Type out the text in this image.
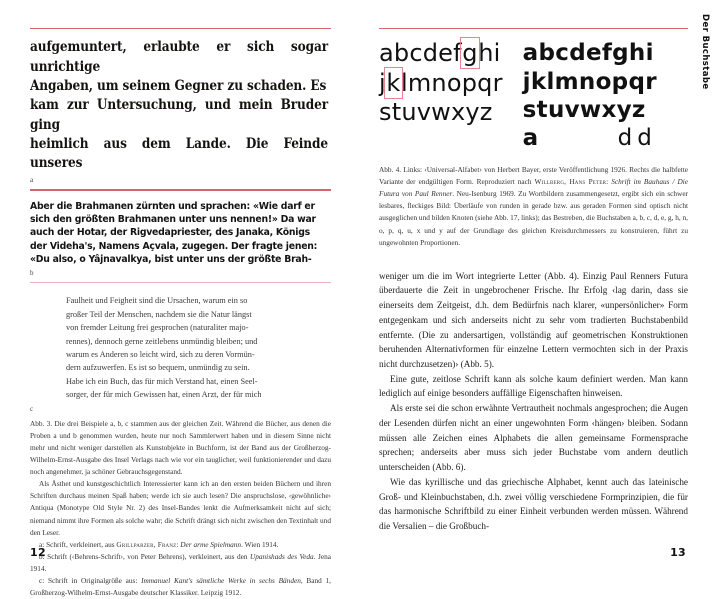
aufgemuntert, erlaubte er sich sogar unrichtige
Angaben, um seinem Gegner zu schaden. Es
kam zur Untersuchung, und mein Bruder ging
heimlich aus dem Lande. Die Feinde unseres
a
Aber die Brahmanen zürnten und sprachen: «Wie darf er
sich den größten Brahmanen unter uns nennen!» Da war
auch der Hotar, der Rigvedapriester, des Janaka, Königs
der Videha's, Namens Açvala, zugegen. Der fragte jenen:
«Du also, o Yâjnavalkya, bist unter uns der größte Brah-
b
Faulheit und Feigheit sind die Ursachen, warum ein so
großer Teil der Menschen, nachdem sie die Natur längst
von fremder Leitung frei gesprochen (naturaliter majo-
rennes), dennoch gerne zeitlebens unmündig bleiben; und
warum es Anderen so leicht wird, sich zu deren Vormün-
dern aufzuwerfen. Es ist so bequem, unmündig zu sein.
Habe ich ein Buch, das für mich Verstand hat, einen Seel-
sorger, der für mich Gewissen hat, einen Arzt, der für mich
c

Abb. 3. Die drei Beispiele a, b, c stammen aus der gleichen Zeit. Während die Bücher, aus denen die Proben a und b genommen wurden, heute nur noch Sammlerwert haben und in diesem Sinne nicht mehr und nicht weniger darstellen als Kunstobjekte in Buchform, ist der Band aus der Großherzog-Wilhelm-Ernst-Ausgabe des Insel Verlags nach wie vor ein tauglicher, weil funktionierender und dazu noch angenehmer, ja schöner Gebrauchsgegenstand.

Als Ästhet und kunstgeschichtlich Interessierter kann ich an den ersten beiden Büchern und ihren Schriften durchaus meinen Spaß haben; werde ich sie auch lesen? Die anspruchslose, ‹gewöhnliche› Antiqua (Monotype Old Style Nr. 2) des Insel-Bandes lenkt die Aufmerksamkeit nicht auf sich; niemand nimmt ihre Formen als solche wahr; die Schrift drängt sich nicht zwischen den Textinhalt und den Leser.

a: Schrift, verkleinert, aus Grillparzer, Franz: Der arme Spielmann. Wien 1914.

b: Schrift (‹Behrens-Schrift›, von Peter Behrens), verkleinert, aus den Upanishads des Veda. Jena 1914.

c: Schrift in Originalgröße aus: Immanuel Kant's sämtliche Werke in sechs Bänden, Band 1, Großherzog-Wilhelm-Ernst-Ausgabe deutscher Klassiker. Leipzig 1912.

12
abcdefghi
jklmnopqr
stuvwxyz
abcdefghi
jklmnopqr
stuvwxyz
a	dd

Abb. 4. Links: ‹Universal-Alfabet› von Herbert Bayer, erste Veröffentlichung 1926. Rechts die halbfette Variante der endgültigen Form. Reproduziert nach Willberg, Hans Peter: Schrift im Bauhaus / Die Futura von Paul Renner. Neu-Isenburg 1969. Zu Wortbildern zusammengesetzt, ergibt sich ein schwer lesbares, fleckiges Bild: Überläufe von runden in gerade bzw. aus geraden Formen sind optisch nicht ausgeglichen und bilden Knoten (siehe Abb. 17, links); das Bestreben, die Buchstaben a, b, c, d, e, g, h, n, o, p, q, u, x und y auf der Grundlage des gleichen Kreisdurchmessers zu konstruieren, führt zu ungewohnten Proportionen.

weniger um die im Wort integrierte Letter (Abb. 4). Einzig Paul Renners Futura überdauerte die Zeit in ungebrochener Frische. Ihr Erfolg ‹lag darin, dass sie einerseits dem Zeitgeist, d.h. dem Bedürfnis nach klarer, «unpersönlicher» Form entgegenkam und sich anderseits nicht zu sehr vom tradierten Buchstabenbild entfernte. (Die zu andersartigen, vollständig auf geometrischen Konstruktionen beruhenden Alternativformen für einzelne Lettern vermochten sich in der Praxis nicht durchzusetzen)› (Abb. 5).

Eine gute, zeitlose Schrift kann als solche kaum definiert werden. Man kann lediglich auf einige besonders auffällige Eigenschaften hinweisen.

Als erste sei die schon erwähnte Vertrautheit nochmals angesprochen; die Augen der Lesenden dürfen nicht an einer ungewohnten Form ‹hängen› bleiben. Sodann müssen alle Zeichen eines Alphabets die allen gemeinsame Formensprache sprechen; anderseits aber muss sich jeder Buchstabe vom andern deutlich unterscheiden (Abb. 6).

Wie das kyrillische und das griechische Alphabet, kennt auch das lateinische Groß- und Kleinbuchstaben, d.h. zwei völlig verschiedene Formprinzipien, die für das harmonische Schriftbild zu einer Einheit verbunden werden müssen. Während die Versalien – die Großbuch-

13
Der Buchstabe
